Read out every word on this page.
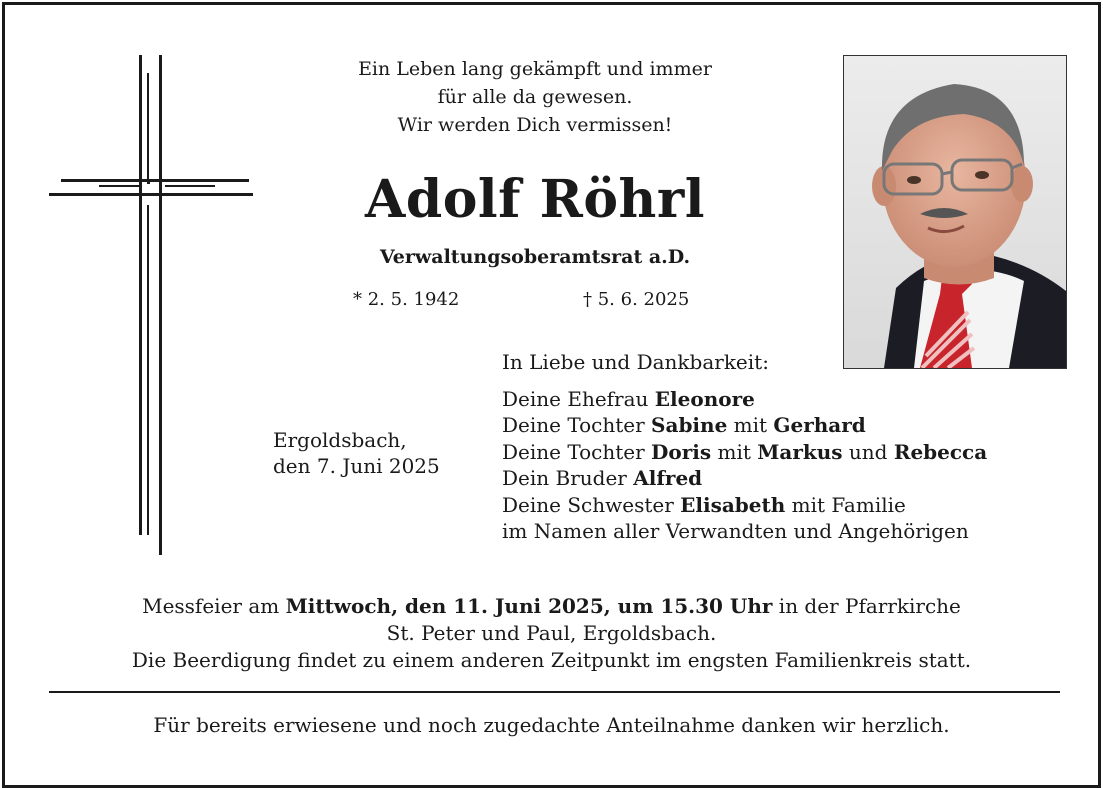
Ein Leben lang gekämpft und immer
für alle da gewesen.
Wir werden Dich vermissen!
Adolf Röhrl
Verwaltungsoberamtsrat a.D.
* 2. 5. 1942	† 5. 6. 2025
Ergoldsbach,
den 7. Juni 2025
In Liebe und Dankbarkeit:
Deine Ehefrau Eleonore
Deine Tochter Sabine mit Gerhard
Deine Tochter Doris mit Markus und Rebecca
Dein Bruder Alfred
Deine Schwester Elisabeth mit Familie
im Namen aller Verwandten und Angehörigen
Messfeier am Mittwoch, den 11. Juni 2025, um 15.30 Uhr in der Pfarrkirche
St. Peter und Paul, Ergoldsbach.
Die Beerdigung findet zu einem anderen Zeitpunkt im engsten Familienkreis statt.
Für bereits erwiesene und noch zugedachte Anteilnahme danken wir herzlich.
